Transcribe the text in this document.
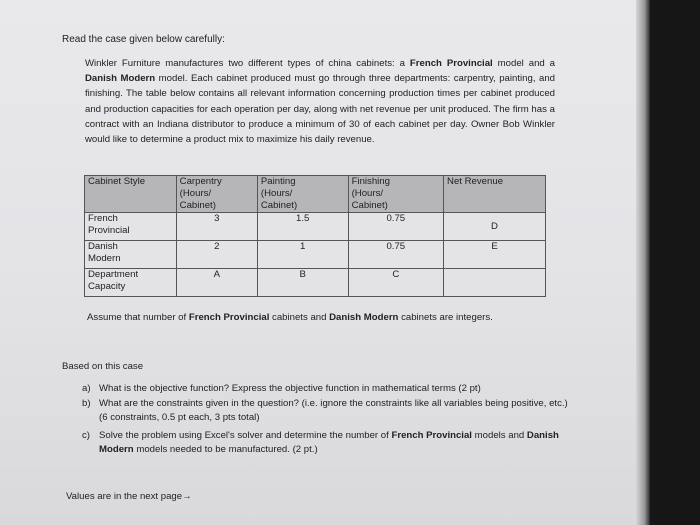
Read the case given below carefully:
Winkler Furniture manufactures two different types of china cabinets: a French Provincial model and a Danish Modern model. Each cabinet produced must go through three departments: carpentry, painting, and finishing. The table below contains all relevant information concerning production times per cabinet produced and production capacities for each operation per day, along with net revenue per unit produced. The firm has a contract with an Indiana distributor to produce a minimum of 30 of each cabinet per day. Owner Bob Winkler would like to determine a product mix to maximize his daily revenue.
Cabinet Style	Carpentry (Hours/ Cabinet)	Painting (Hours/ Cabinet)	Finishing (Hours/ Cabinet)	Net Revenue

French Provincial	3	1.5	0.75	D

Danish Modern	2	1	0.75	E

Department Capacity	A	B	C	
Assume that number of French Provincial cabinets and Danish Modern cabinets are integers.
Based on this case
a) What is the objective function? Express the objective function in mathematical terms (2 pt)
b) What are the constraints given in the question? (i.e. ignore the constraints like all variables being positive, etc.) (6 constraints, 0.5 pt each, 3 pts total)
c) Solve the problem using Excel's solver and determine the number of French Provincial models and Danish Modern models needed to be manufactured. (2 pt.)
Values are in the next page→
